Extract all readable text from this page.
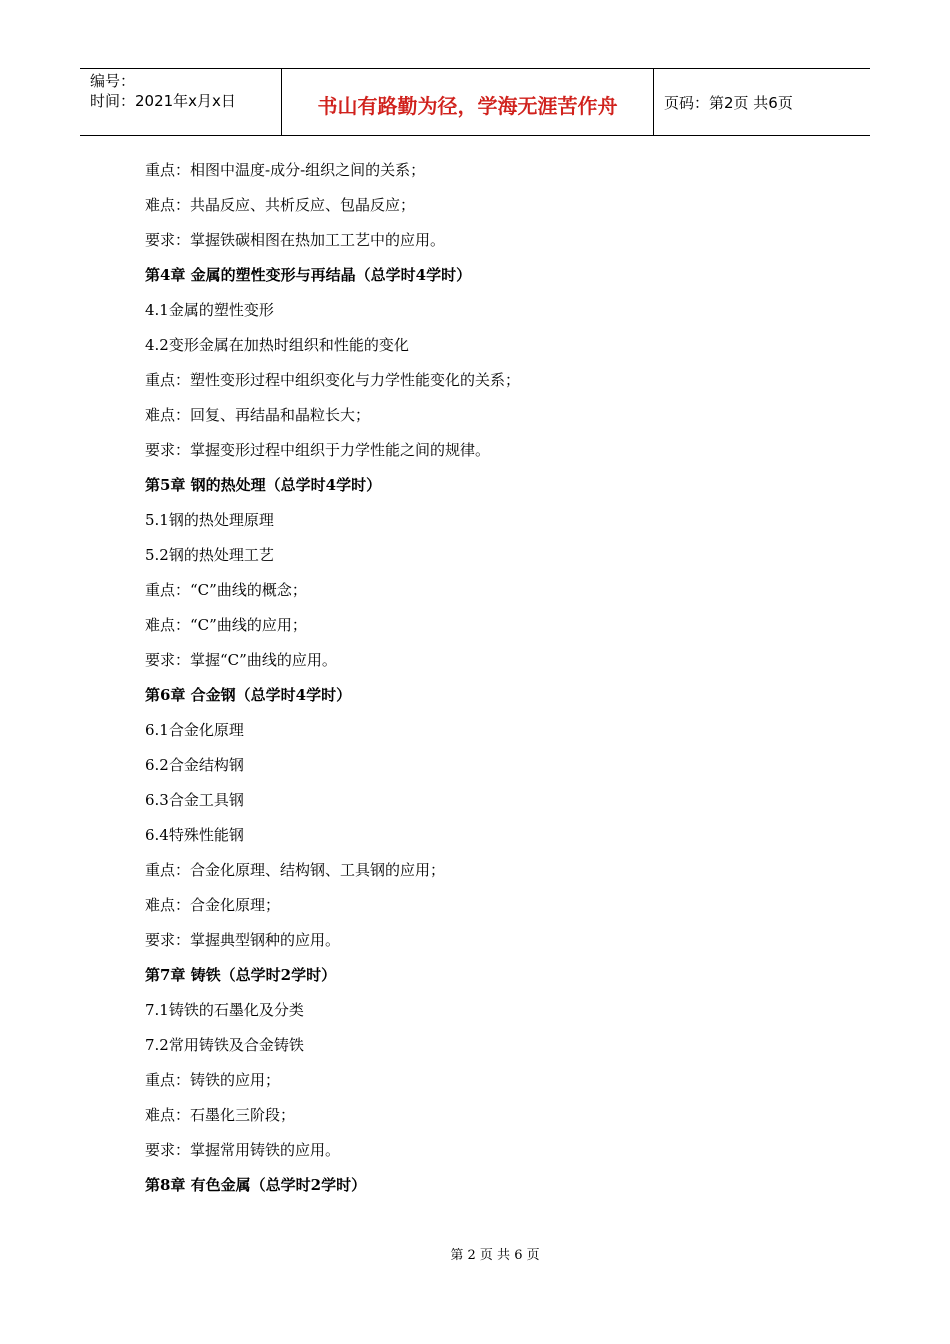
编号：
时间：2021年x月x日	书山有路勤为径，学海无涯苦作舟	页码：第2页 共6页
重点：相图中温度-成分-组织之间的关系；
难点：共晶反应、共析反应、包晶反应；
要求：掌握铁碳相图在热加工工艺中的应用。
第4章 金属的塑性变形与再结晶（总学时4学时）
4.1金属的塑性变形
4.2变形金属在加热时组织和性能的变化
重点：塑性变形过程中组织变化与力学性能变化的关系；
难点：回复、再结晶和晶粒长大；
要求：掌握变形过程中组织于力学性能之间的规律。
第5章 钢的热处理（总学时4学时）
5.1钢的热处理原理
5.2钢的热处理工艺
重点：“C”曲线的概念；
难点：“C”曲线的应用；
要求：掌握“C”曲线的应用。
第6章 合金钢（总学时4学时）
6.1合金化原理
6.2合金结构钢
6.3合金工具钢
6.4特殊性能钢
重点：合金化原理、结构钢、工具钢的应用；
难点：合金化原理；
要求：掌握典型钢种的应用。
第7章 铸铁（总学时2学时）
7.1铸铁的石墨化及分类
7.2常用铸铁及合金铸铁
重点：铸铁的应用；
难点：石墨化三阶段；
要求：掌握常用铸铁的应用。
第8章 有色金属（总学时2学时）
第 2 页 共 6 页
